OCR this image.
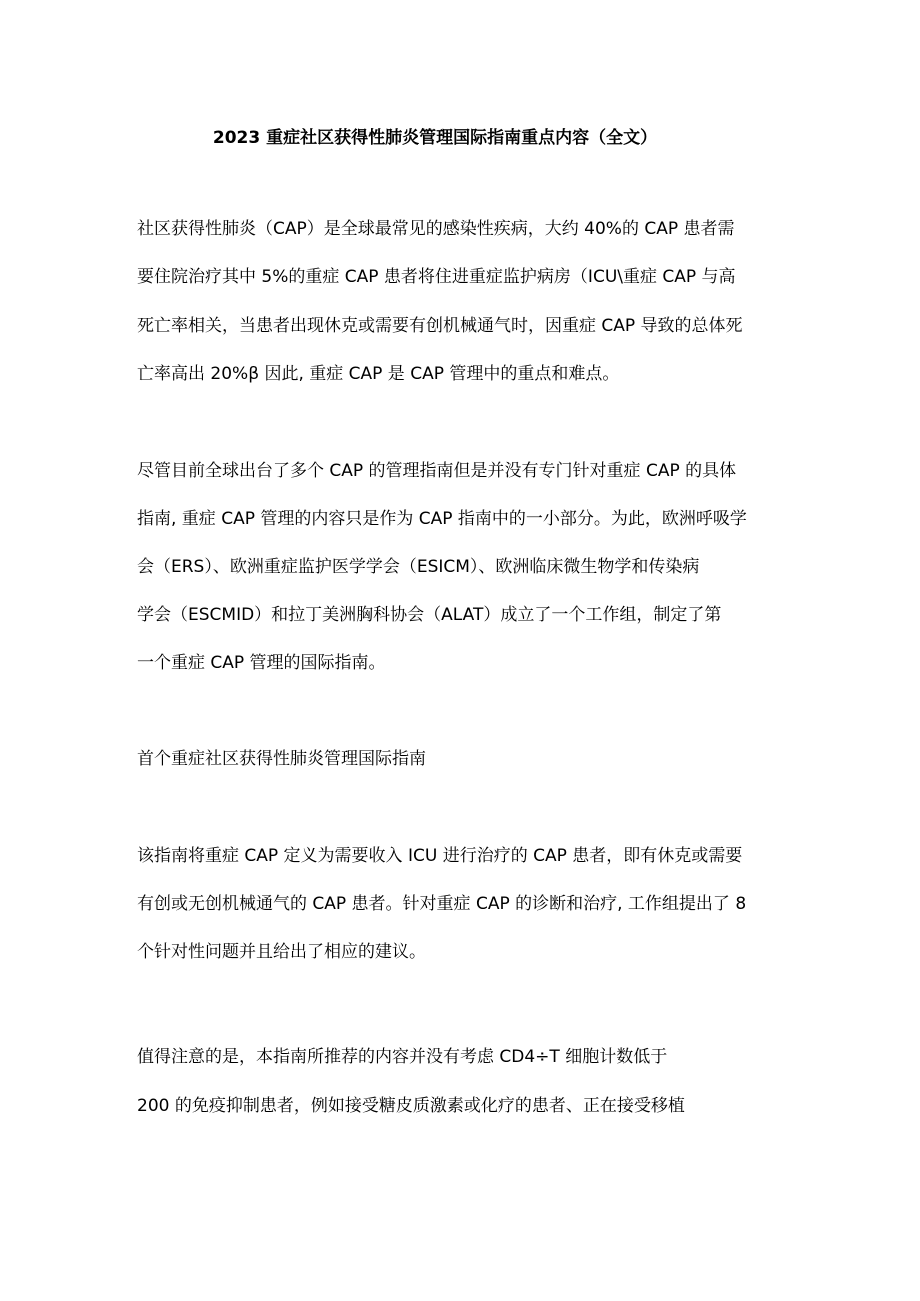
2023 重症社区获得性肺炎管理国际指南重点内容（全文）
社区获得性肺炎（CAP）是全球最常见的感染性疾病，大约 40%的 CAP 患者需
要住院治疗其中 5%的重症 CAP 患者将住进重症监护病房（ICU\重症 CAP 与高
死亡率相关，当患者出现休克或需要有创机械通气时，因重症 CAP 导致的总体死
亡率高出 20%β 因此, 重症 CAP 是 CAP 管理中的重点和难点。
尽管目前全球出台了多个 CAP 的管理指南但是并没有专门针对重症 CAP 的具体
指南, 重症 CAP 管理的内容只是作为 CAP 指南中的一小部分。为此，欧洲呼吸学
会（ERS）、欧洲重症监护医学学会（ESICM）、欧洲临床微生物学和传染病
学会（ESCMID）和拉丁美洲胸科协会（ALAT）成立了一个工作组，制定了第
一个重症 CAP 管理的国际指南。
首个重症社区获得性肺炎管理国际指南
该指南将重症 CAP 定义为需要收入 ICU 进行治疗的 CAP 患者，即有休克或需要
有创或无创机械通气的 CAP 患者。针对重症 CAP 的诊断和治疗, 工作组提出了 8
个针对性问题并且给出了相应的建议。
值得注意的是，本指南所推荐的内容并没有考虑 CD4÷T 细胞计数低于
200 的免疫抑制患者，例如接受糖皮质激素或化疗的患者、正在接受移植
